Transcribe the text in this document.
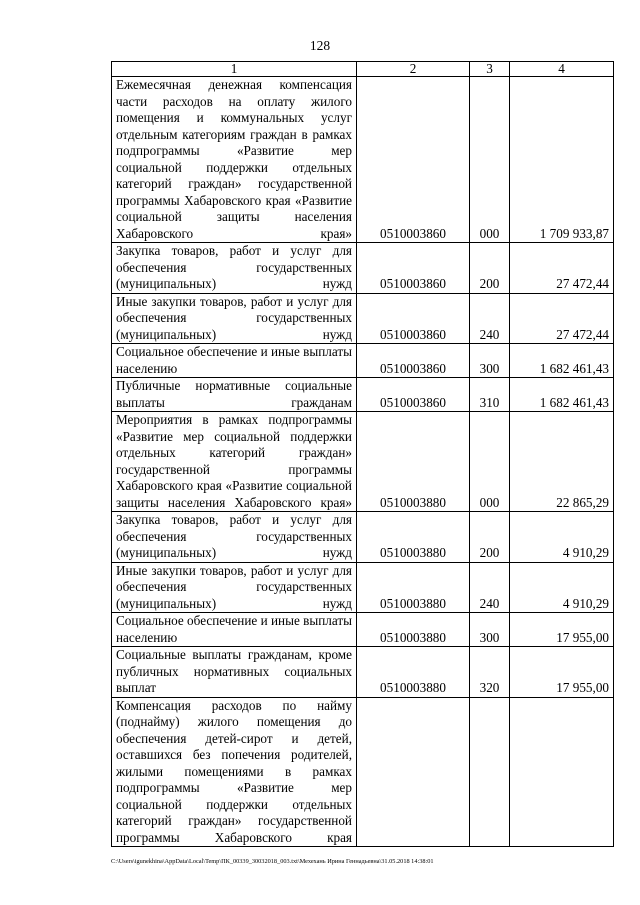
128
1	2	3	4
Ежемесячная денежная компенсация части расходов на оплату жилого помещения и коммунальных услуг отдельным категориям граждан в рамках подпрограммы «Развитие мер социальной поддержки отдельных категорий граждан» государственной программы Хабаровского края «Развитие социальной защиты населения Хабаровского края»	0510003860	000	1 709 933,87
Закупка товаров, работ и услуг для обеспечения государственных (муниципальных) нужд	0510003860	200	27 472,44
Иные закупки товаров, работ и услуг для обеспечения государственных (муниципальных) нужд	0510003860	240	27 472,44
Социальное обеспечение и иные выплаты населению	0510003860	300	1 682 461,43
Публичные нормативные социальные выплаты гражданам	0510003860	310	1 682 461,43
Мероприятия в рамках подпрограммы «Развитие мер социальной поддержки отдельных категорий граждан» государственной программы Хабаровского края «Развитие социальной защиты населения Хабаровского края»	0510003880	000	22 865,29
Закупка товаров, работ и услуг для обеспечения государственных (муниципальных) нужд	0510003880	200	4 910,29
Иные закупки товаров, работ и услуг для обеспечения государственных (муниципальных) нужд	0510003880	240	4 910,29
Социальное обеспечение и иные выплаты населению	0510003880	300	17 955,00
Социальные выплаты гражданам, кроме публичных нормативных социальных выплат	0510003880	320	17 955,00
Компенсация расходов по найму (поднайму) жилого помещения до обеспечения детей-сирот и детей, оставшихся без попечения родителей, жилыми помещениями в рамках подпрограммы «Развитие мер социальной поддержки отдельных категорий граждан» государственной программы Хабаровского края			
C:\Users\igunekhina\AppData\Local\Temp\ПК_00339_30032018_003.txt\Мехехань Ирина Геннадьевна\31.05.2018 14:38:01
